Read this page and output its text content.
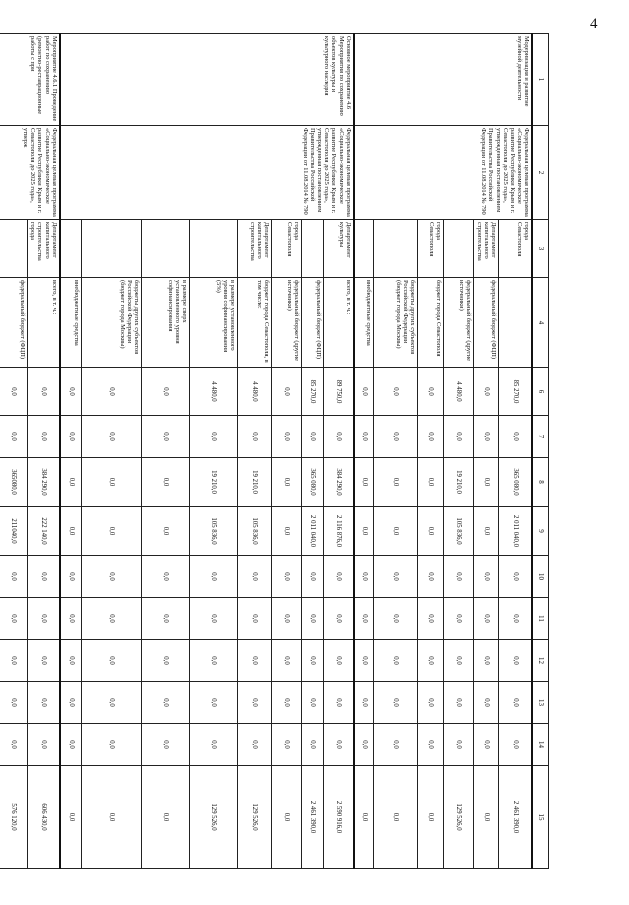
4
1	2	3	4	6	7	8	9	10	11	12	13	14	15
Модернизация и развитие музейной деятельности	Федеральная целевая программа «Социально-экономическое развитие Республики Крым и г. Севастополя до 2025 года», утвержденная постановлением Правительства Российской Федерации от 11.08.2014 № 790	города Севастополя		85 270,0	0,0	365 080,0	2 011 040,0	0,0	0,0	0,0	0,0	0,0	2 461 390,0
		Департамент капитального строительства	федеральный бюджет (ФЦП)	0,0	0,0	0,0	0,0	0,0	0,0	0,0	0,0	0,0	0,0
			федеральный бюджет (другие источники)	4 480,0	0,0	19 210,0	105 836,0	0,0	0,0	0,0	0,0	0,0	129 526,0
		города Севастополя	бюджет города Севастополя	0,0	0,0	0,0	0,0	0,0	0,0	0,0	0,0	0,0	0,0
			бюджеты других субъектов Российской Федерации (бюджет города Москвы)	0,0	0,0	0,0	0,0	0,0	0,0	0,0	0,0	0,0	0,0
			внебюджетные средства	0,0	0,0	0,0	0,0	0,0	0,0	0,0	0,0	0,0	0,0
Основное мероприятие 4.6 Мероприятия по сохранению объектов культуры и культурного наследия	Федеральная целевая программа «Социально-экономическое развитие Республики Крым и г. Севастополя до 2025 года», утвержденная постановлением Правительства Российской Федерации от 11.08.2014 № 790	Департамент культуры	всего, в т. ч.:	89 750,0	0,0	384 290,0	2 116 876,0	0,0	0,0	0,0	0,0	0,0	2 590 916,0
			федеральный бюджет (ФЦП)	85 270,0	0,0	365 080,0	2 011 040,0	0,0	0,0	0,0	0,0	0,0	2 461 390,0
		города Севастополя	федеральный бюджет (другие источники)	0,0	0,0	0,0	0,0	0,0	0,0	0,0	0,0	0,0	0,0
		Департамент капитального строительства	бюджет города Севастополя, в том числе:	4 480,0	0,0	19 210,0	105 836,0	0,0	0,0	0,0	0,0	0,0	129 526,0
			в размере установленного уровня софинансирования (5%)	4 480,0	0,0	19 210,0	105 836,0	0,0	0,0	0,0	0,0	0,0	129 526,0
			в размере сверх установленного уровня софинансирования	0,0	0,0	0,0	0,0	0,0	0,0	0,0	0,0	0,0	0,0
			бюджеты других субъектов Российской Федерации (бюджет города Москвы)	0,0	0,0	0,0	0,0	0,0	0,0	0,0	0,0	0,0	0,0
			внебюджетные средства	0,0	0,0	0,0	0,0	0,0	0,0	0,0	0,0	0,0	0,0
Мероприятие 4.6.1 Проведение работ по сохранению (ремонтно-реставрационные работы с при	Федеральная целевая программа «Социально-экономическое развитие Республики Крым и г. Севастополя до 2025 года», утверж	Департамент капитального строительства города	всего, в т. ч.:	0,0	0,0	384 290,0	222 140,0	0,0	0,0	0,0	0,0	0,0	606 430,0
			федеральный бюджет (ФЦП)	0,0	0,0	365080,0	211040,0	0,0	0,0	0,0	0,0	0,0	576 120,0
